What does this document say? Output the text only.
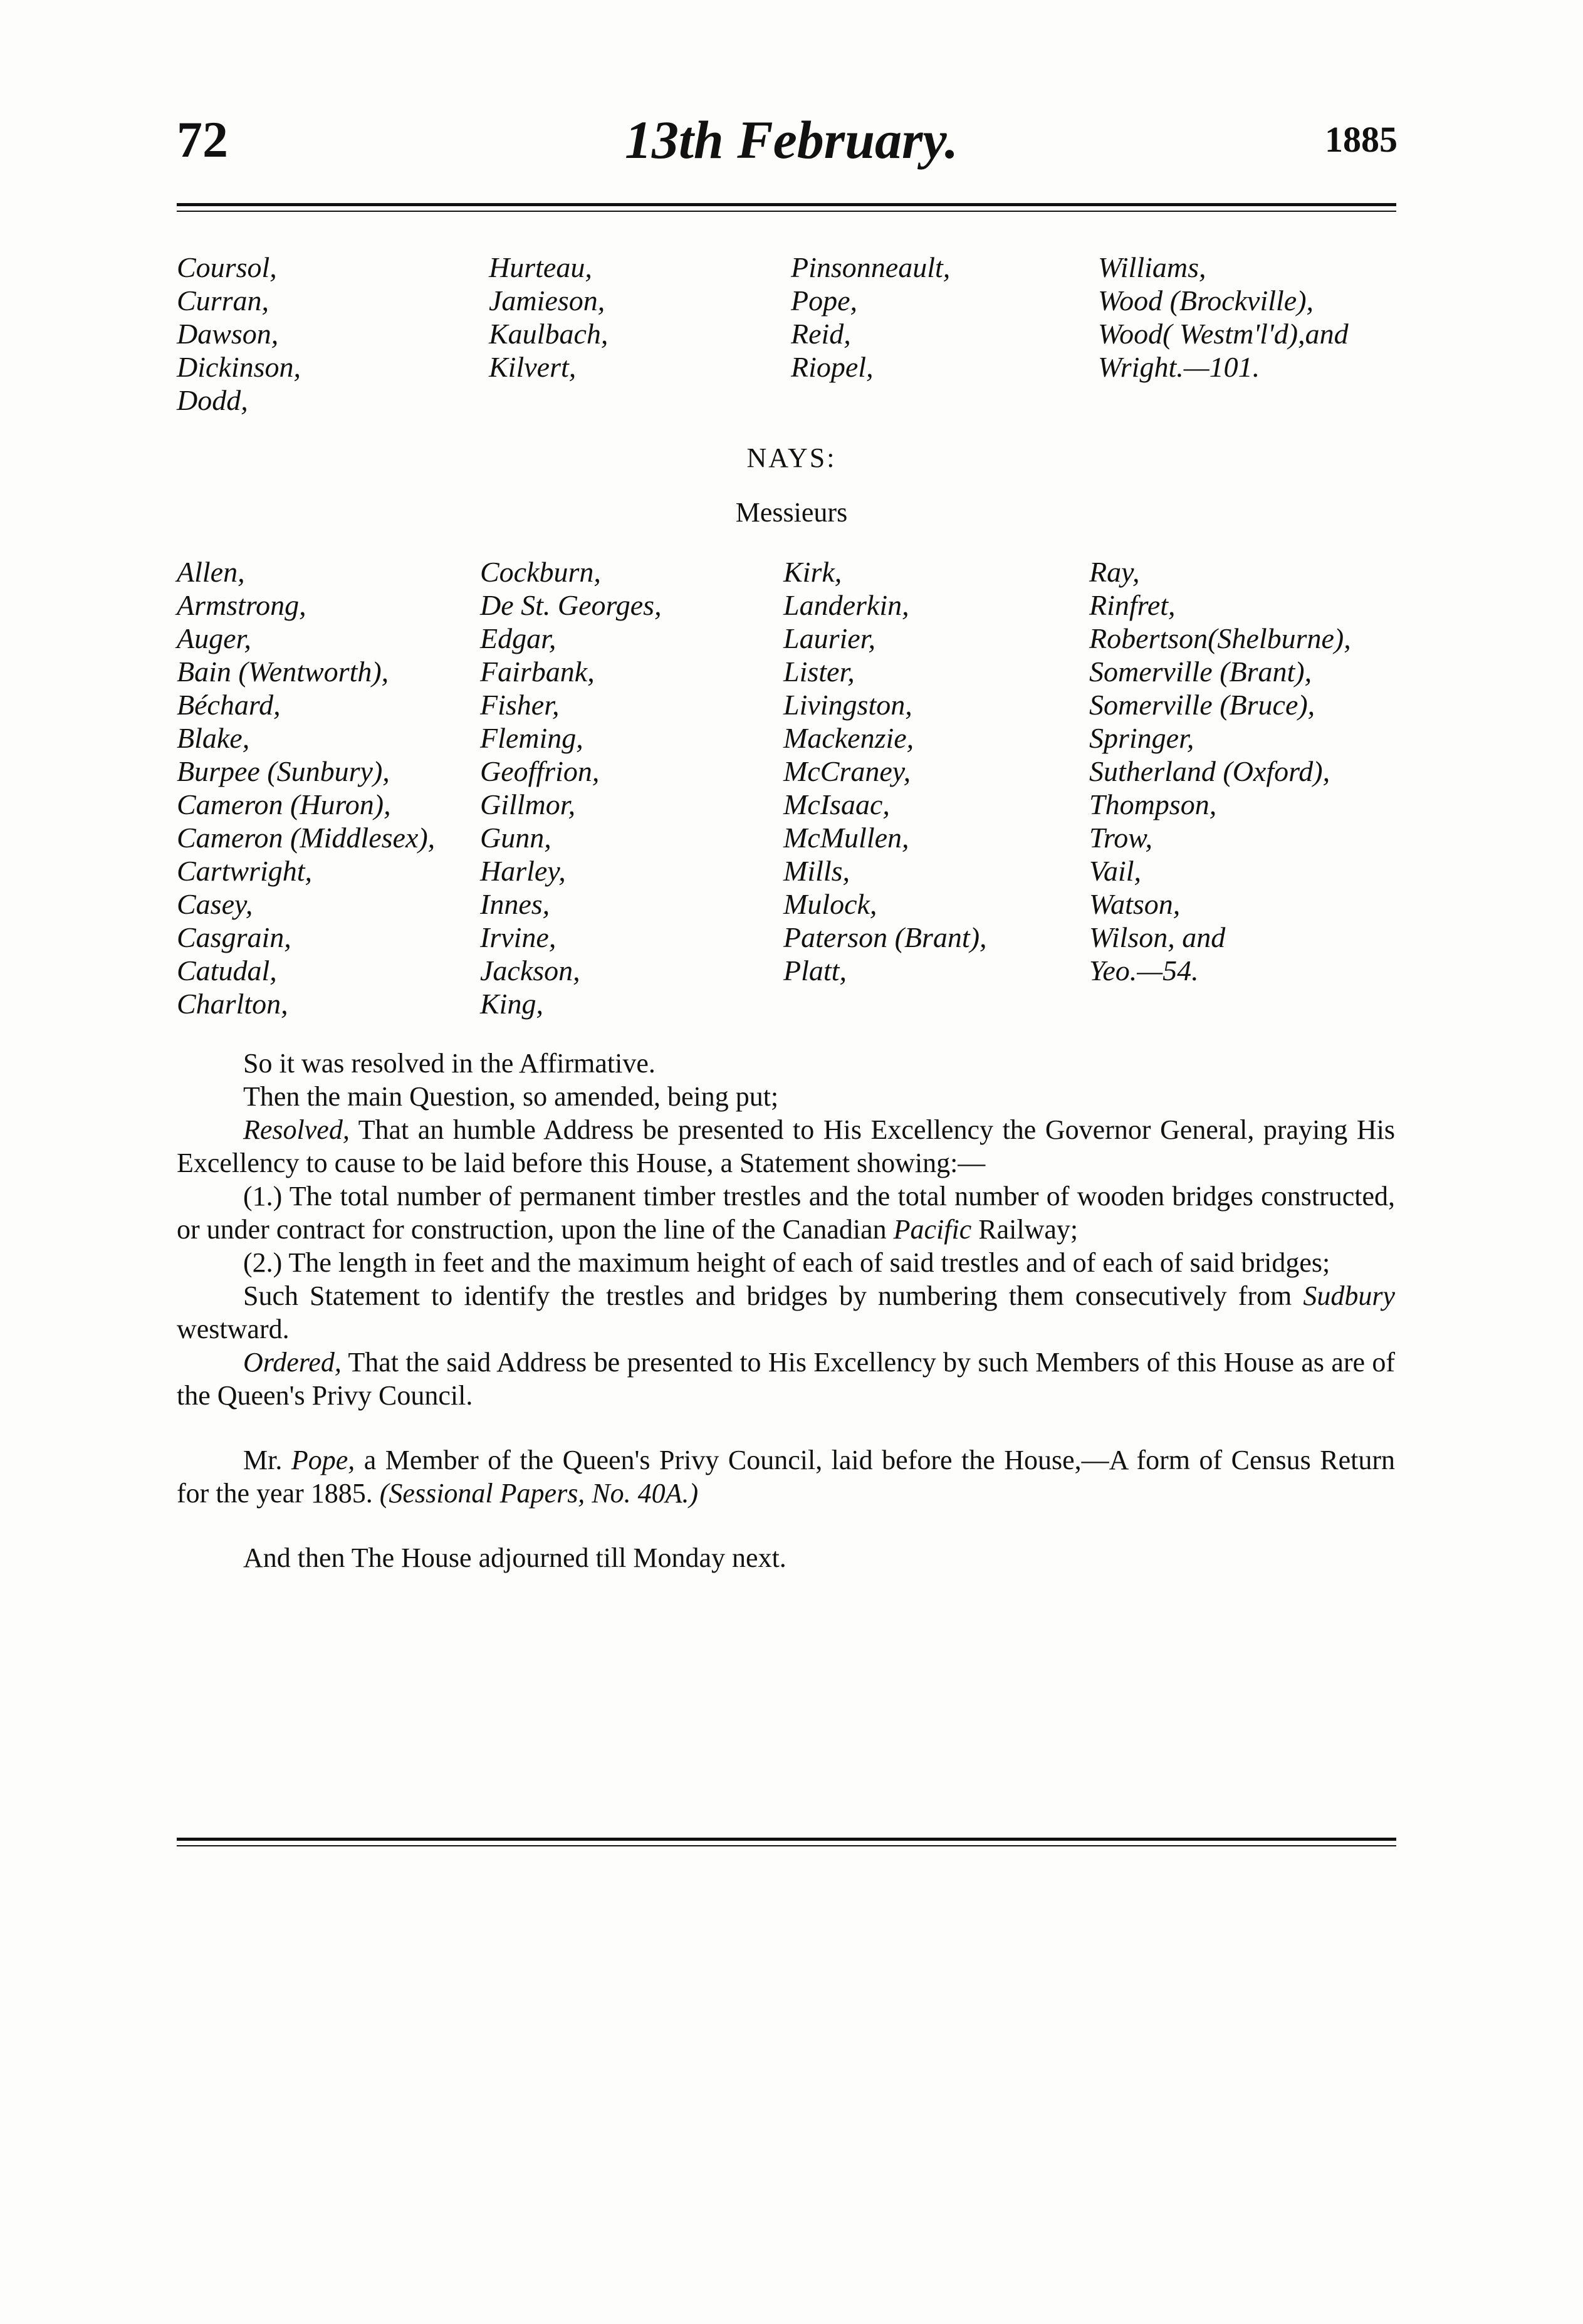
72	13th February.	1885
Coursol,
Curran,
Dawson,
Dickinson,
Dodd,
Hurteau,
Jamieson,
Kaulbach,
Kilvert,
Pinsonneault,
Pope,
Reid,
Riopel,
Williams,
Wood (Brockville),
Wood( Westm'l'd),and
Wright.—101.
NAYS:
Messieurs
Allen,
Armstrong,
Auger,
Bain (Wentworth),
Béchard,
Blake,
Burpee (Sunbury),
Cameron (Huron),
Cameron (Middlesex),
Cartwright,
Casey,
Casgrain,
Catudal,
Charlton,
Cockburn,
De St. Georges,
Edgar,
Fairbank,
Fisher,
Fleming,
Geoffrion,
Gillmor,
Gunn,
Harley,
Innes,
Irvine,
Jackson,
King,
Kirk,
Landerkin,
Laurier,
Lister,
Livingston,
Mackenzie,
McCraney,
McIsaac,
McMullen,
Mills,
Mulock,
Paterson (Brant),
Platt,
Ray,
Rinfret,
Robertson(Shelburne),
Somerville (Brant),
Somerville (Bruce),
Springer,
Sutherland (Oxford),
Thompson,
Trow,
Vail,
Watson,
Wilson, and
Yeo.—54.

So it was resolved in the Affirmative.

Then the main Question, so amended, being put;

Resolved, That an humble Address be presented to His Excellency the Governor General, praying His Excellency to cause to be laid before this House, a Statement showing:—

(1.) The total number of permanent timber trestles and the total number of wooden bridges constructed, or under contract for construction, upon the line of the Canadian Pacific Railway;

(2.) The length in feet and the maximum height of each of said trestles and of each of said bridges;

Such Statement to identify the trestles and bridges by numbering them consecutively from Sudbury westward.

Ordered, That the said Address be presented to His Excellency by such Members of this House as are of the Queen's Privy Council.

Mr. Pope, a Member of the Queen's Privy Council, laid before the House,—A form of Census Return for the year 1885. (Sessional Papers, No. 40A.)

And then The House adjourned till Monday next.
